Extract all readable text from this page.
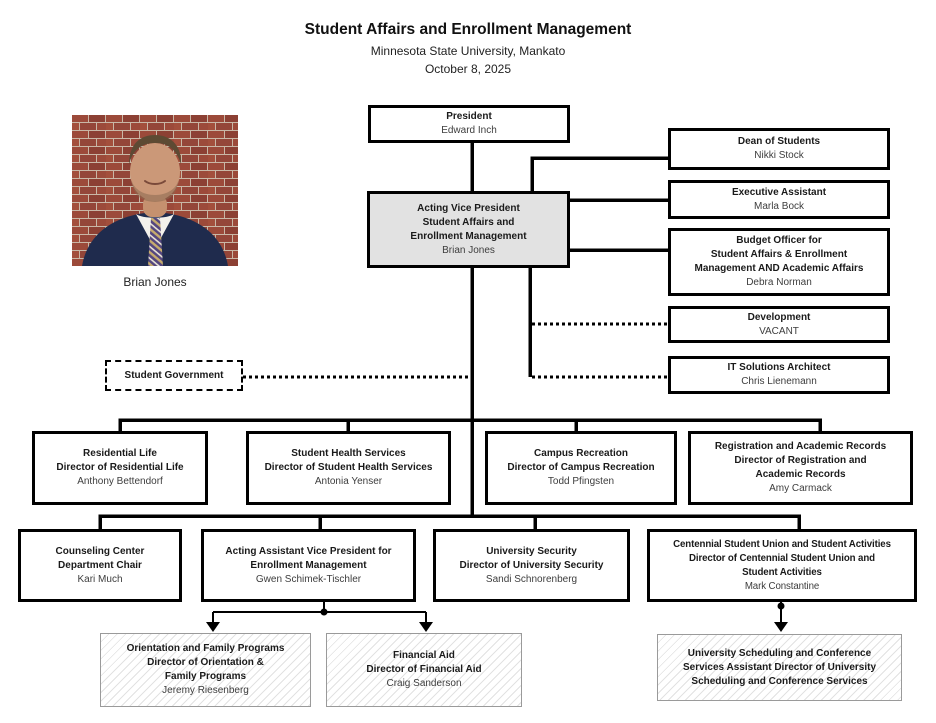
Student Affairs and Enrollment Management
Minnesota State University, Mankato
October 8, 2025
Brian Jones
President
Edward Inch
Acting Vice President
Student Affairs and
Enrollment Management
Brian Jones
Dean of Students
Nikki Stock
Executive Assistant
Marla Bock
Budget Officer for
Student Affairs & Enrollment
Management AND Academic Affairs
Debra Norman
Development
VACANT
IT Solutions Architect
Chris Lienemann
Student Government
Residential Life
Director of Residential Life
Anthony Bettendorf
Student Health Services
Director of Student Health Services
Antonia Yenser
Campus Recreation
Director of Campus Recreation
Todd Pfingsten
Registration and Academic Records
Director of Registration and
Academic Records
Amy Carmack
Counseling Center
Department Chair
Kari Much
Acting Assistant Vice President for
Enrollment Management
Gwen Schimek-Tischler
University Security
Director of University Security
Sandi Schnorenberg
Centennial Student Union and Student Activities
Director of Centennial Student Union and
Student Activities
Mark Constantine
Orientation and Family Programs
Director of Orientation &
Family Programs
Jeremy Riesenberg
Financial Aid
Director of Financial Aid
Craig Sanderson
University Scheduling and Conference
Services Assistant Director of University
Scheduling and Conference Services
